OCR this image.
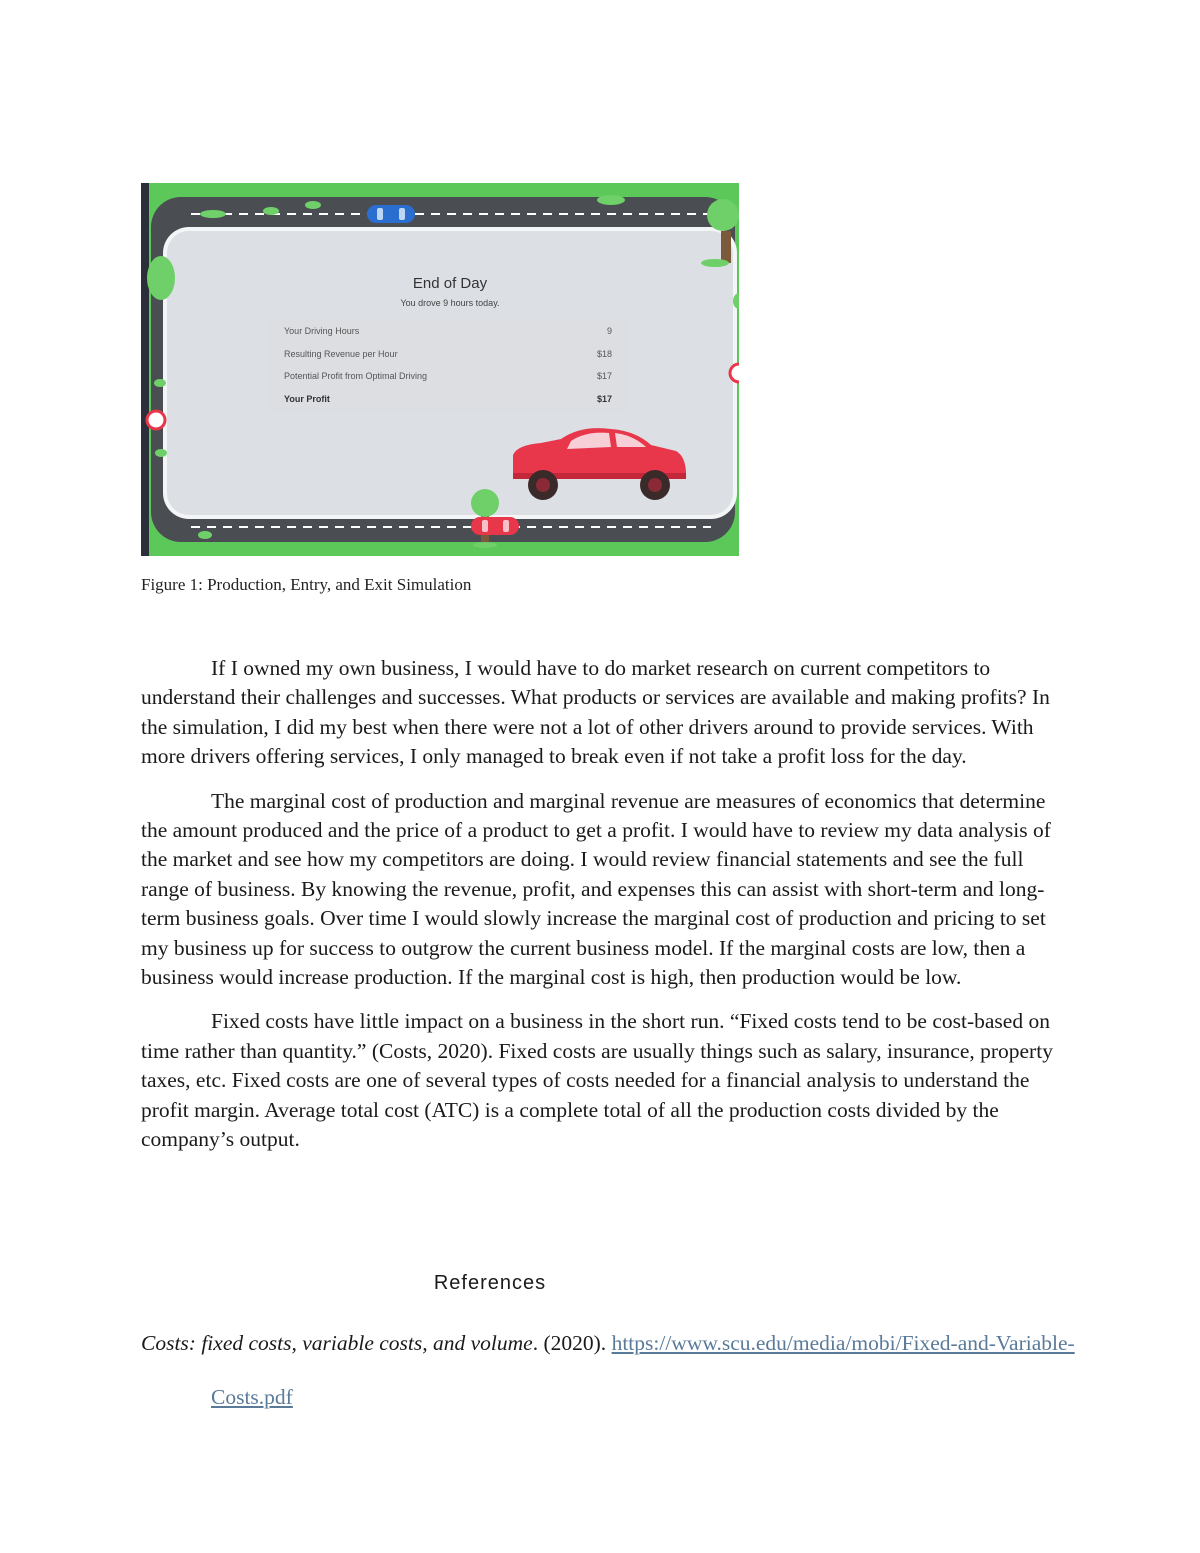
End of Day
You drove 9 hours today.
Your Driving Hours	9
Resulting Revenue per Hour	$18
Potential Profit from Optimal Driving	$17
Your Profit	$17
Figure 1: Production, Entry, and Exit Simulation

If I owned my own business, I would have to do market research on current competitors to understand their challenges and successes. What products or services are available and making profits? In the simulation, I did my best when there were not a lot of other drivers around to provide services. With more drivers offering services, I only managed to break even if not take a profit loss for the day.

The marginal cost of production and marginal revenue are measures of economics that determine the amount produced and the price of a product to get a profit. I would have to review my data analysis of the market and see how my competitors are doing. I would review financial statements and see the full range of business. By knowing the revenue, profit, and expenses this can assist with short-term and long-term business goals. Over time I would slowly increase the marginal cost of production and pricing to set my business up for success to outgrow the current business model. If the marginal costs are low, then a business would increase production. If the marginal cost is high, then production would be low.

Fixed costs have little impact on a business in the short run. “Fixed costs tend to be cost-based on time rather than quantity.” (Costs, 2020). Fixed costs are usually things such as salary, insurance, property taxes, etc. Fixed costs are one of several types of costs needed for a financial analysis to understand the profit margin. Average total cost (ATC) is a complete total of all the production costs divided by the company’s output.

References
Costs: fixed costs, variable costs, and volume. (2020). https://www.scu.edu/media/mobi/Fixed-and-Variable-Costs.pdf
